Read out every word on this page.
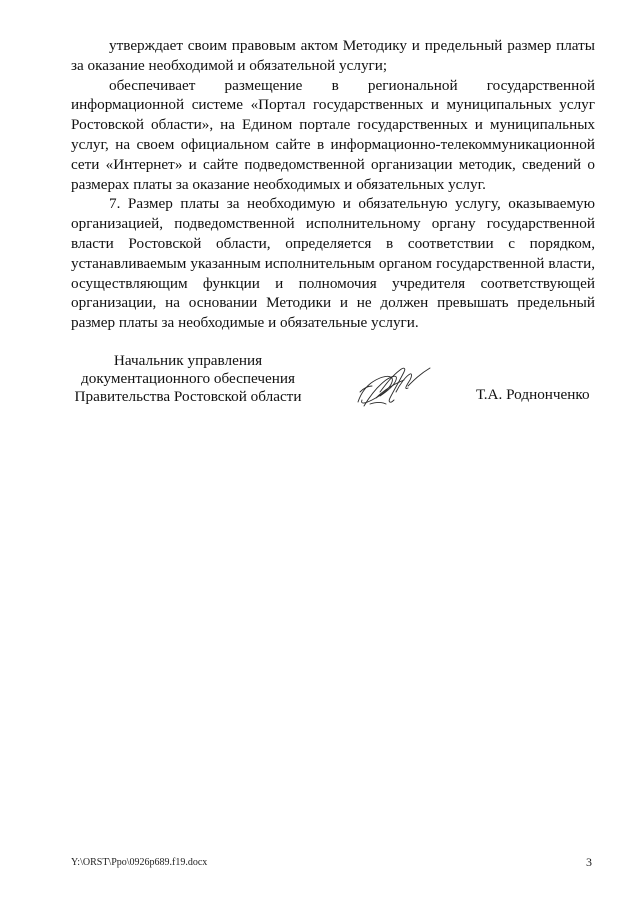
утверждает своим правовым актом Методику и предельный размер платы за оказание необходимой и обязательной услуги;

обеспечивает размещение в региональной государственной информационной системе «Портал государственных и муниципальных услуг Ростовской области», на Едином портале государственных и муниципальных услуг, на своем официальном сайте в информационно-телекоммуникационной сети «Интернет» и сайте подведомственной организации методик, сведений о размерах платы за оказание необходимых и обязательных услуг.

7. Размер платы за необходимую и обязательную услугу, оказываемую организацией, подведомственной исполнительному органу государственной власти Ростовской области, определяется в соответствии с порядком, устанавливаемым указанным исполнительным органом государственной власти, осуществляющим функции и полномочия учредителя соответствующей организации, на основании Методики и не должен превышать предельный размер платы за необходимые и обязательные услуги.

Начальник управления
документационного обеспечения
Правительства Ростовской области	Т.А. Роднонченко
Y:\ORST\Ppo\0926p689.f19.docx	3
